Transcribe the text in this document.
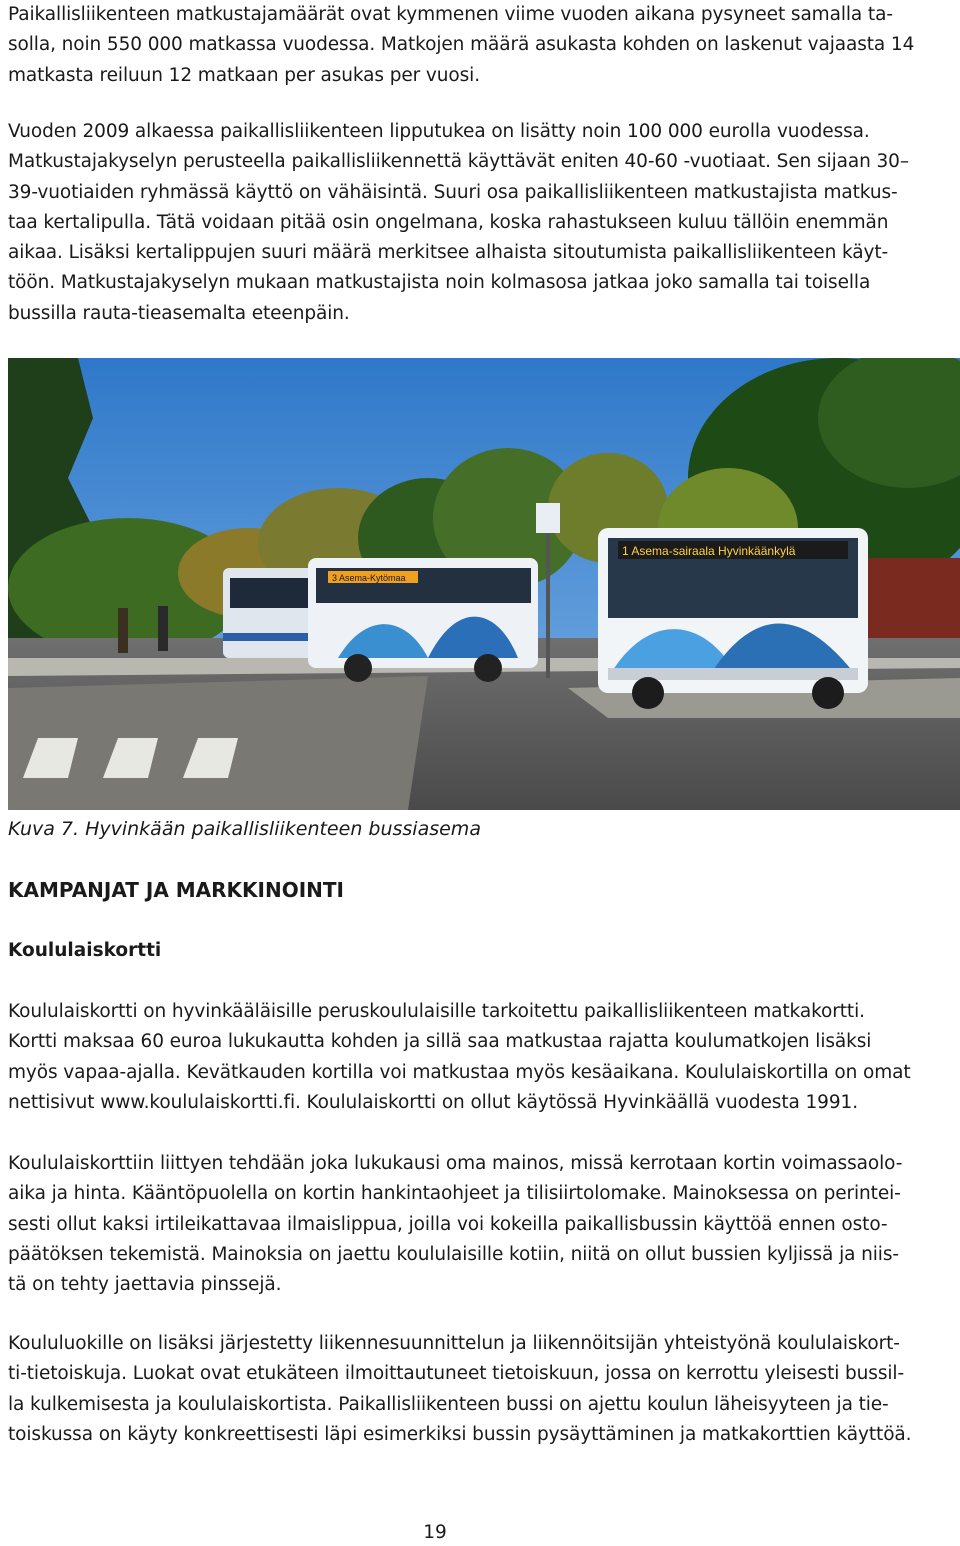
Paikallisliikenteen matkustajamäärät ovat kymmenen viime vuoden aikana pysyneet samalla ta-
solla, noin 550 000 matkassa vuodessa. Matkojen määrä asukasta kohden on laskenut vajaasta 14
matkasta reiluun 12 matkaan per asukas per vuosi.
Vuoden 2009 alkaessa paikallisliikenteen lipputukea on lisätty noin 100 000 eurolla vuodessa.
Matkustajakyselyn perusteella paikallisliikennettä käyttävät eniten 40-60 -vuotiaat. Sen sijaan 30–
39-vuotiaiden ryhmässä käyttö on vähäisintä. Suuri osa paikallisliikenteen matkustajista matkus-
taa kertalipulla. Tätä voidaan pitää osin ongelmana, koska rahastukseen kuluu tällöin enemmän
aikaa. Lisäksi kertalippujen suuri määrä merkitsee alhaista sitoutumista paikallisliikenteen käyt-
töön. Matkustajakyselyn mukaan matkustajista noin kolmasosa jatkaa joko samalla tai toisella
bussilla rauta-tieasemalta eteenpäin.
3 Asema-Kytömaa
1 Asema-sairaala Hyvinkäänkylä

Kuva 7. Hyvinkään paikallisliikenteen bussiasema

KAMPANJAT JA MARKKINOINTI
Koululaiskortti
Koululaiskortti on hyvinkääläisille peruskoululaisille tarkoitettu paikallisliikenteen matkakortti.
Kortti maksaa 60 euroa lukukautta kohden ja sillä saa matkustaa rajatta koulumatkojen lisäksi
myös vapaa-ajalla. Kevätkauden kortilla voi matkustaa myös kesäaikana. Koululaiskortilla on omat
nettisivut www.koululaiskortti.fi. Koululaiskortti on ollut käytössä Hyvinkäällä vuodesta 1991.
Koululaiskorttiin liittyen tehdään joka lukukausi oma mainos, missä kerrotaan kortin voimassaolo-
aika ja hinta. Kääntöpuolella on kortin hankintaohjeet ja tilisiirtolomake. Mainoksessa on perintei-
sesti ollut kaksi irtileikattavaa ilmaislippua, joilla voi kokeilla paikallisbussin käyttöä ennen osto-
päätöksen tekemistä. Mainoksia on jaettu koululaisille kotiin, niitä on ollut bussien kyljissä ja niis-
tä on tehty jaettavia pinssejä.
Koululuokille on lisäksi järjestetty liikennesuunnittelun ja liikennöitsijän yhteistyönä koululaiskort-
ti-tietoiskuja. Luokat ovat etukäteen ilmoittautuneet tietoiskuun, jossa on kerrottu yleisesti bussil-
la kulkemisesta ja koululaiskortista. Paikallisliikenteen bussi on ajettu koulun läheisyyteen ja tie-
toiskussa on käyty konkreettisesti läpi esimerkiksi bussin pysäyttäminen ja matkakorttien käyttöä.

19
